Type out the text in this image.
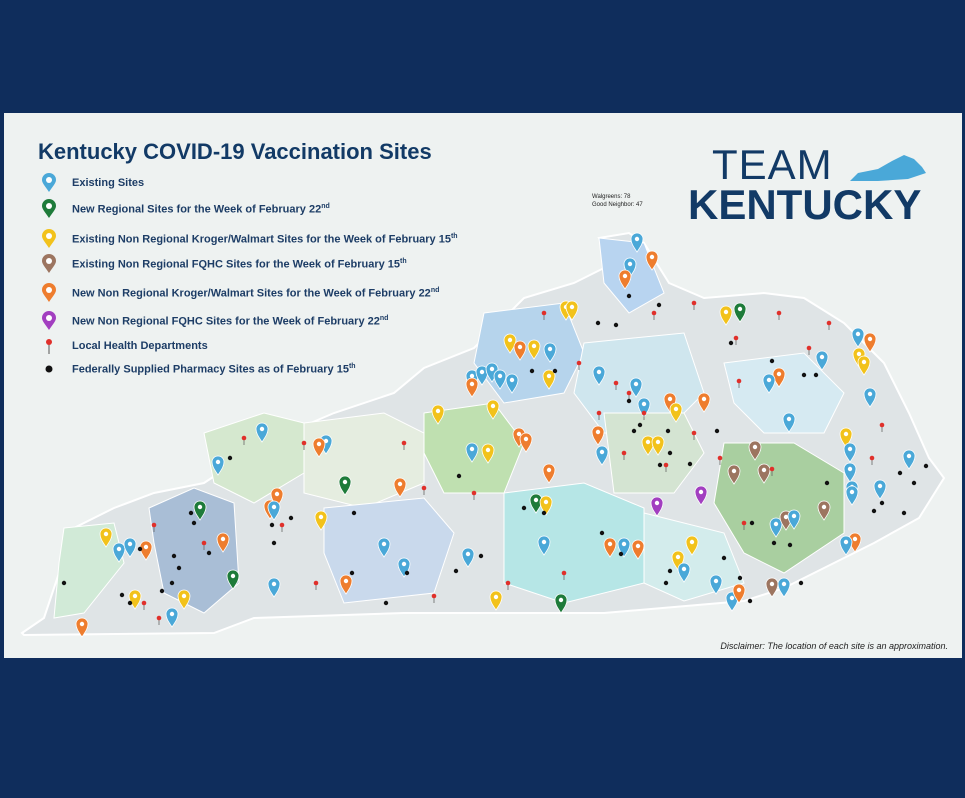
Kentucky COVID-19 Vaccination Sites
Existing Sites
New Regional Sites for the Week of February 22nd
Existing Non Regional Kroger/Walmart Sites for the Week of February 15th
Existing Non Regional FQHC Sites for the Week of February 15th
New Non Regional Kroger/Walmart Sites for the Week of February 22nd
New Non Regional FQHC Sites for the Week of February 22nd
Local Health Departments
Federally Supplied Pharmacy Sites as of February 15th
Walgreens: 78
Good Neighbor: 47
TEAM
KENTUCKY
Disclaimer: The location of each site is an approximation.
